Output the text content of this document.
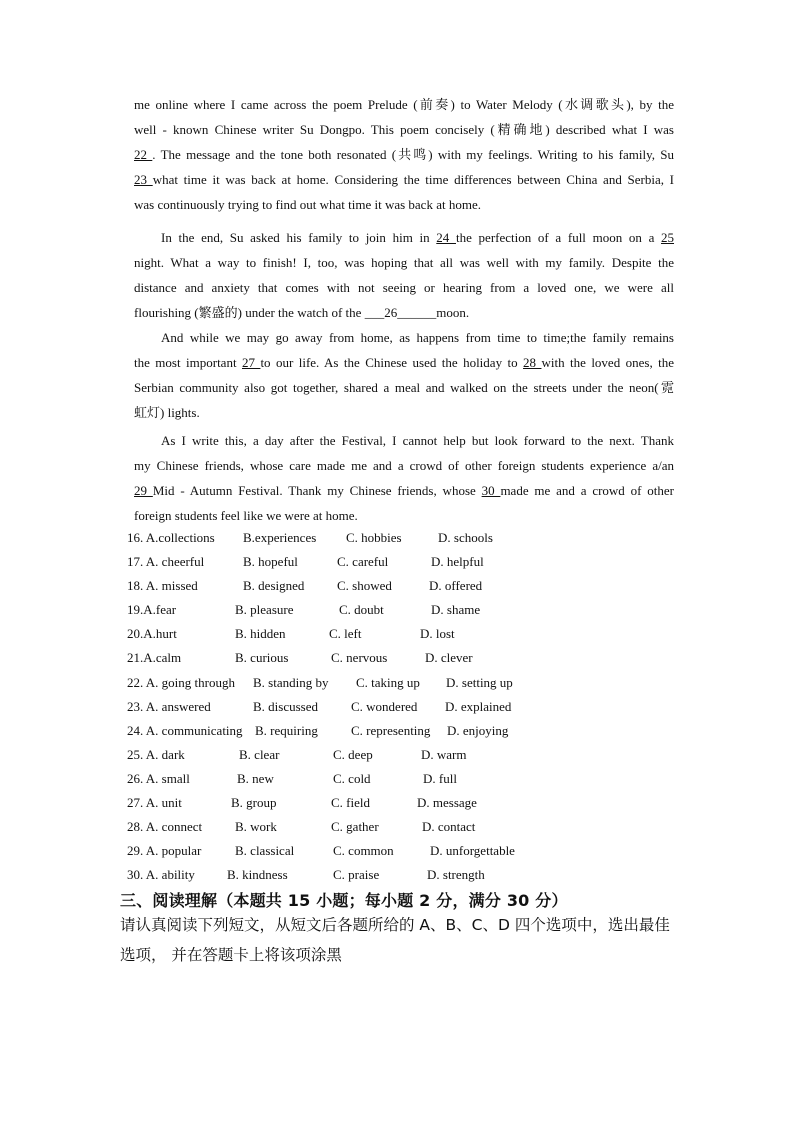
me online where I came across the poem Prelude (前奏) to Water Melody (水调歌头), by the
well - known Chinese writer Su Dongpo. This poem concisely (精确地) described what I was
22 . The message and the tone both resonated (共鸣) with my feelings. Writing to his family, Su
23 what time it was back at home. Considering the time differences between China and Serbia, I
was continuously trying to find out what time it was back at home.
In the end, Su asked his family to join him in 24 the perfection of a full moon on a 25
night. What a way to finish! I, too, was hoping that all was well with my family. Despite the
distance and anxiety that comes with not seeing or hearing from a loved one, we were all
flourishing (繁盛的) under the watch of the ___26______moon.
And while we may go away from home, as happens from time to time;the family remains
the most important 27 to our life. As the Chinese used the holiday to 28 with the loved ones, the
Serbian community also got together, shared a meal and walked on the streets under the neon(霓
虹灯) lights.
As I write this, a day after the Festival, I cannot help but look forward to the next. Thank
my Chinese friends, whose care made me and a crowd of other foreign students experience a/an
29 Mid - Autumn Festival. Thank my Chinese friends, whose 30 made me and a crowd of other
foreign students feel like we were at home.
16. A.collections B.experiences C. hobbies	D. schools
17. A. cheerful	B. hopeful	C. careful	D. helpful
18. A. missed	B. designed	C. showed	D. offered
19.A.fear	B. pleasure	C. doubt	D. shame
20.A.hurt	B. hidden	C. left	D. lost
21.A.calm	B. curious	C. nervous	D. clever
22. A. going through B. standing by C. taking up D. setting up
23. A. answered	B. discussed	C. wondered D. explained
24. A. communicating B. requiring	C. representing D. enjoying
25. A. dark	B. clear	C. deep	D. warm
26. A. small	B. new	C. cold	D. full
27. A. unit	B. group	C. field	D. message
28. A. connect	B. work	C. gather	D. contact
29. A. popular	B. classical	C. common	D. unforgettable
30. A. ability B. kindness	C. praise	D. strength
三、阅读理解（本题共 15 小题；每小题 2 分，满分 30 分）
请认真阅读下列短文，从短文后各题所给的 A、B、C、D 四个选项中，选出最佳选项， 并在答题卡上将该项涂黑
